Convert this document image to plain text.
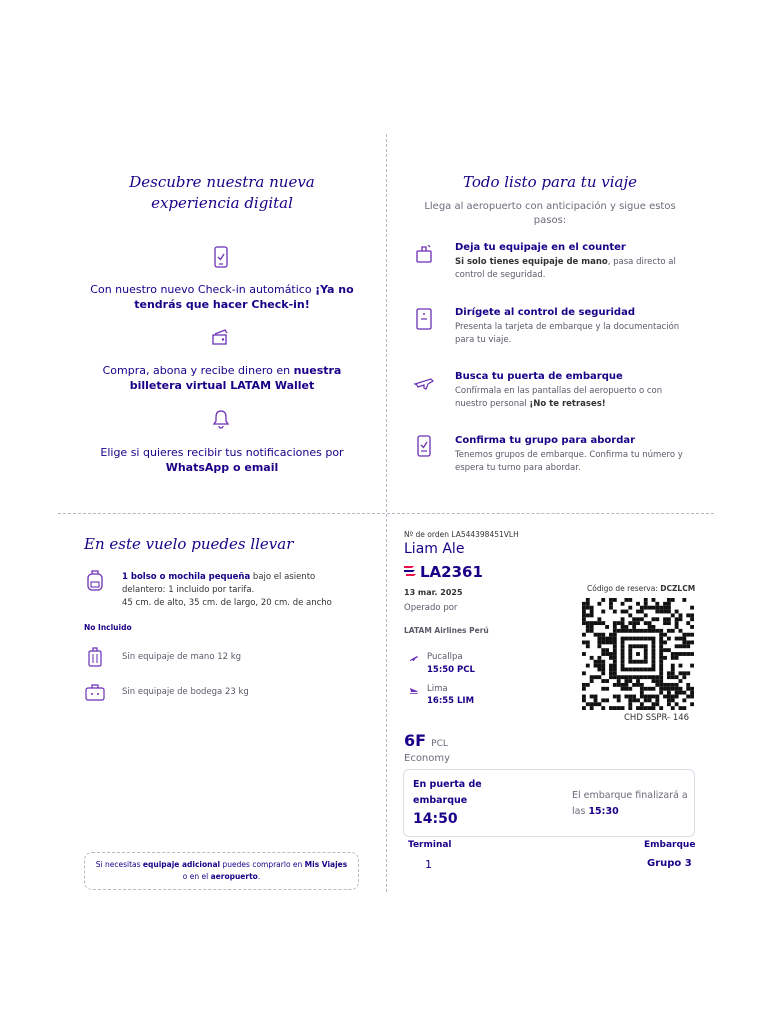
Descubre nuestra nueva experiencia digital
Con nuestro nuevo Check-in automático ¡Ya no tendrás que hacer Check-in!
Compra, abona y recibe dinero en nuestra billetera virtual LATAM Wallet
Elige si quieres recibir tus notificaciones por WhatsApp o email
Todo listo para tu viaje
Llega al aeropuerto con anticipación y sigue estos pasos:
Deja tu equipaje en el counter
Si solo tienes equipaje de mano, pasa directo al control de seguridad.
Dirígete al control de seguridad
Presenta la tarjeta de embarque y la documentación para tu viaje.
Busca tu puerta de embarque
Confírmala en las pantallas del aeropuerto o con nuestro personal ¡No te retrases!
Confirma tu grupo para abordar
Tenemos grupos de embarque. Confirma tu número y espera tu turno para abordar.
En este vuelo puedes llevar
1 bolso o mochila pequeña bajo el asiento delantero: 1 incluido por tarifa.
45 cm. de alto, 35 cm. de largo, 20 cm. de ancho
No Incluido
Sin equipaje de mano 12 kg
Sin equipaje de bodega 23 kg
Si necesitas equipaje adicional puedes comprarlo en Mis Viajes o en el aeropuerto.
Nº de orden LA544398451VLH
Liam Ale
LA2361
13 mar. 2025
Operado por
LATAM Airlines Perú
Código de reserva: DCZLCM
CHD SSPR- 146
Pucallpa
15:50 PCL
Lima
16:55 LIM
6F PCL
Economy
En puerta de embarque
14:50
El embarque finalizará a las 15:30
Terminal
1
Embarque
Grupo 3
